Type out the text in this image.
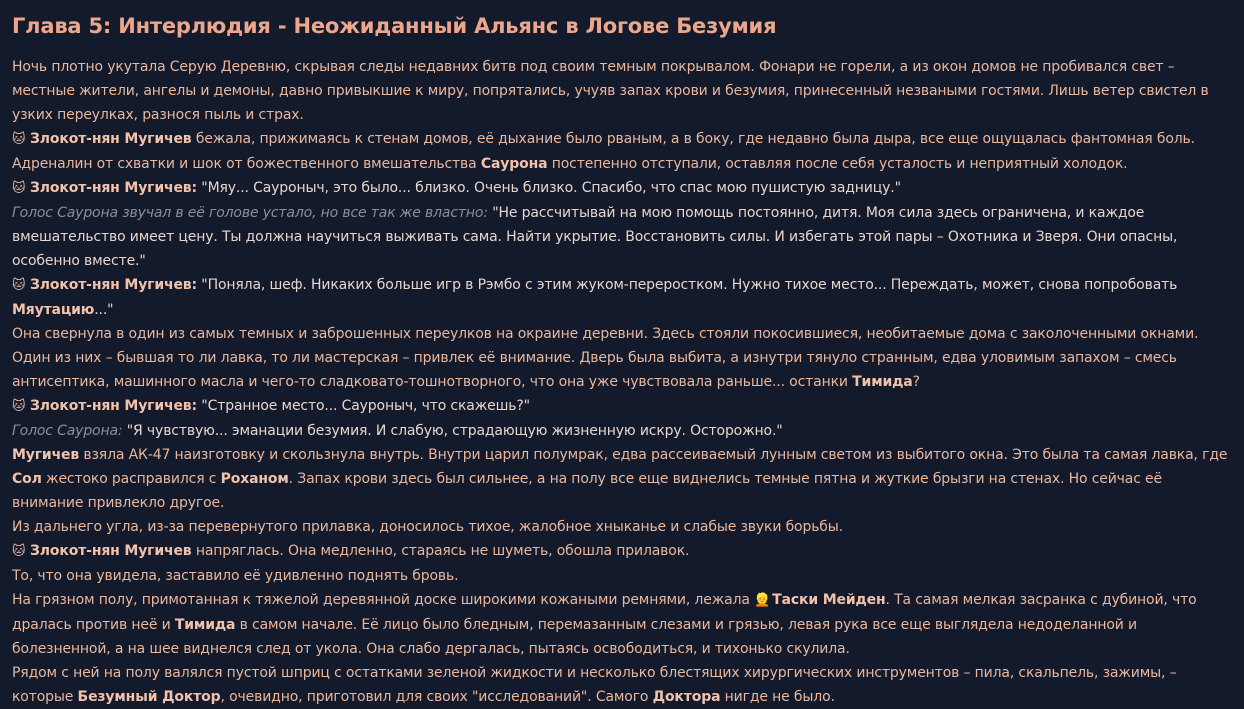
Глава 5: Интерлюдия - Неожиданный Альянс в Логове Безумия

Ночь плотно укутала Серую Деревню, скрывая следы недавних битв под своим темным покрывалом. Фонари не горели, а из окон домов не пробивался свет – местные жители, ангелы и демоны, давно привыкшие к миру, попрятались, учуяв запах крови и безумия, принесенный незваными гостями. Лишь ветер свистел в узких переулках, разнося пыль и страх.

🐱 Злокот-нян Мугичев бежала, прижимаясь к стенам домов, её дыхание было рваным, а в боку, где недавно была дыра, все еще ощущалась фантомная боль. Адреналин от схватки и шок от божественного вмешательства Саурона постепенно отступали, оставляя после себя усталость и неприятный холодок.

🐱 Злокот-нян Мугичев: "Мяу... Сауроныч, это было... близко. Очень близко. Спасибо, что спас мою пушистую задницу."

Голос Саурона звучал в её голове устало, но все так же властно: "Не рассчитывай на мою помощь постоянно, дитя. Моя сила здесь ограничена, и каждое вмешательство имеет цену. Ты должна научиться выживать сама. Найти укрытие. Восстановить силы. И избегать этой пары – Охотника и Зверя. Они опасны, особенно вместе."

🐱 Злокот-нян Мугичев: "Поняла, шеф. Никаких больше игр в Рэмбо с этим жуком-переростком. Нужно тихое место... Переждать, может, снова попробовать Мяутацию..."

Она свернула в один из самых темных и заброшенных переулков на окраине деревни. Здесь стояли покосившиеся, необитаемые дома с заколоченными окнами. Один из них – бывшая то ли лавка, то ли мастерская – привлек её внимание. Дверь была выбита, а изнутри тянуло странным, едва уловимым запахом – смесь антисептика, машинного масла и чего-то сладковато-тошнотворного, что она уже чувствовала раньше... останки Тимида?

🐱 Злокот-нян Мугичев: "Странное место... Сауроныч, что скажешь?"

Голос Саурона: "Я чувствую... эманации безумия. И слабую, страдающую жизненную искру. Осторожно."

Мугичев взяла АК-47 наизготовку и скользнула внутрь. Внутри царил полумрак, едва рассеиваемый лунным светом из выбитого окна. Это была та самая лавка, где Сол жестоко расправился с Роханом. Запах крови здесь был сильнее, а на полу все еще виднелись темные пятна и жуткие брызги на стенах. Но сейчас её внимание привлекло другое.

Из дальнего угла, из-за перевернутого прилавка, доносилось тихое, жалобное хныканье и слабые звуки борьбы.

🐱 Злокот-нян Мугичев напряглась. Она медленно, стараясь не шуметь, обошла прилавок.

То, что она увидела, заставило её удивленно поднять бровь.

На грязном полу, примотанная к тяжелой деревянной доске широкими кожаными ремнями, лежала 👱 Таски Мейден. Та самая мелкая засранка с дубиной, что дралась против неё и Тимида в самом начале. Её лицо было бледным, перемазанным слезами и грязью, левая рука все еще выглядела недоделанной и болезненной, а на шее виднелся след от укола. Она слабо дергалась, пытаясь освободиться, и тихонько скулила.

Рядом с ней на полу валялся пустой шприц с остатками зеленой жидкости и несколько блестящих хирургических инструментов – пила, скальпель, зажимы, – которые Безумный Доктор, очевидно, приготовил для своих "исследований". Самого Доктора нигде не было.
